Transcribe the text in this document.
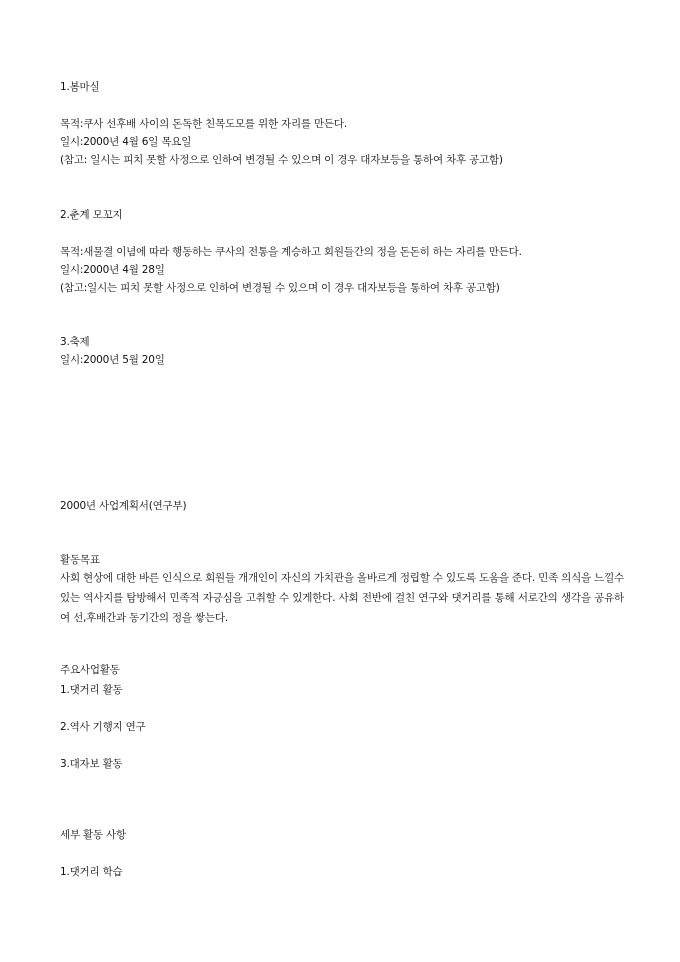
1.봄마실
목적:쿠사 선후배 사이의 돈독한 친목도모를 위한 자리를 만든다.
일시:2000년 4월 6일 목요일
(참고: 일시는 피치 못할 사정으로 인하여 변경될 수 있으며 이 경우 대자보등을 통하여 차후 공고함)
2.춘계 모꼬지
목적:새물결 이념에 따라 행동하는 쿠사의 전통을 계승하고 회원들간의 정을 돈돈히 하는 자리를 만든다.
일시:2000년 4월 28일
(참고:일시는 피치 못할 사정으로 인하여 변경될 수 있으며 이 경우 대자보등을 통하여 차후 공고함)
3.축제
일시:2000년 5월 20일
2000년 사업계획서(연구부)
활동목표
사회 현상에 대한 바른 인식으로 회원들 개개인이 자신의 가치관을 올바르게 정립할 수 있도록 도움을 준다. 민족 의식을 느낄수 있는 역사지를 탐방해서 민족적 자긍심을 고취할 수 있게한다. 사회 전반에 걸친 연구와 댓거리를 통해 서로간의 생각을 공유하여 선,후배간과 동기간의 정을 쌓는다.
주요사업활동
1.댓거리 활동
2.역사 기행지 연구
3.대자보 활동
세부 활동 사항
1.댓거리 학습
